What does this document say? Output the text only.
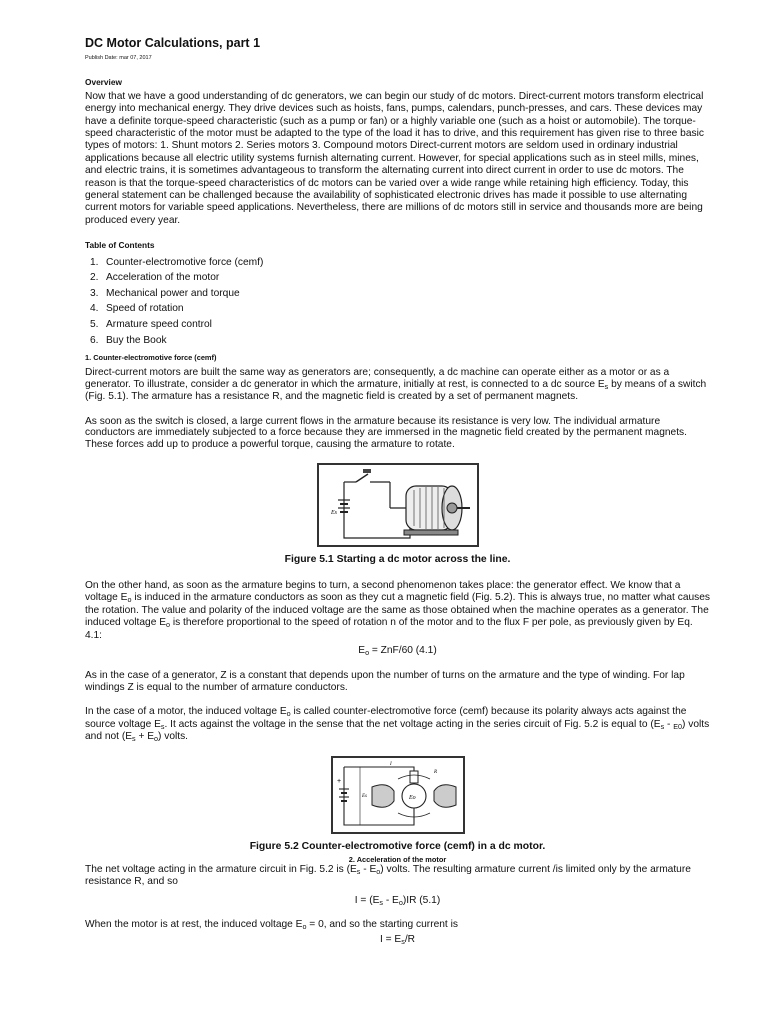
DC Motor Calculations, part 1
Publish Date: mar 07, 2017
Overview

Now that we have a good understanding of dc generators, we can begin our study of dc motors. Direct-current motors transform electrical energy into mechanical energy. They drive devices such as hoists, fans, pumps, calendars, punch-presses, and cars. These devices may have a definite torque-speed characteristic (such as a pump or fan) or a highly variable one (such as a hoist or automobile). The torque-speed characteristic of the motor must be adapted to the type of the load it has to drive, and this requirement has given rise to three basic types of motors: 1. Shunt motors 2. Series motors 3. Compound motors Direct-current motors are seldom used in ordinary industrial applications because all electric utility systems furnish alternating current. However, for special applications such as in steel mills, mines, and electric trains, it is sometimes advantageous to transform the alternating current into direct current in order to use dc motors. The reason is that the torque-speed characteristics of dc motors can be varied over a wide range while retaining high efficiency. Today, this general statement can be challenged because the availability of sophisticated electronic drives has made it possible to use alternating current motors for variable speed applications. Nevertheless, there are millions of dc motors still in service and thousands more are being produced every year.

Table of Contents
1. Counter-electromotive force (cemf)
2. Acceleration of the motor
3. Mechanical power and torque
4. Speed of rotation
5. Armature speed control
6. Buy the Book
1. Counter-electromotive force (cemf)

Direct-current motors are built the same way as generators are; consequently, a dc machine can operate either as a motor or as a generator. To illustrate, consider a dc generator in which the armature, initially at rest, is connected to a dc source $E_s$ by means of a switch (Fig. 5.1). The armature has a resistance R, and the magnetic field is created by a set of permanent magnets.

As soon as the switch is closed, a large current flows in the armature because its resistance is very low. The individual armature conductors are immediately subjected to a force because they are immersed in the magnetic field created by the permanent magnets. These forces add up to produce a powerful torque, causing the armature to rotate.

Es
Figure 5.1 Starting a dc motor across the line.

On the other hand, as soon as the armature begins to turn, a second phenomenon takes place: the generator effect. We know that a voltage $E_o$ is induced in the armature conductors as soon as they cut a magnetic field (Fig. 5.2). This is always true, no matter what causes the rotation. The value and polarity of the induced voltage are the same as those obtained when the machine operates as a generator. The induced voltage $E_o$ is therefore proportional to the speed of rotation n of the motor and to the flux F per pole, as previously given by Eq. 4.1:

$E_o = ZnF/60$ (4.1)

As in the case of a generator, Z is a constant that depends upon the number of turns on the armature and the type of winding. For lap windings Z is equal to the number of armature conductors.

In the case of a motor, the induced voltage $E_o$ is called counter-electromotive force (cemf) because its polarity always acts against the source voltage $E_s$. It acts against the voltage in the sense that the net voltage acting in the series circuit of Fig. 5.2 is equal to $(E_s - _{E0})$ volts and not $(E_s + E_o)$ volts.

+
Es
I
R
Eo
Figure 5.2 Counter-electromotive force (cemf) in a dc motor.
2. Acceleration of the motor

The net voltage acting in the armature circuit in Fig. 5.2 is $(E_s - E_o)$ volts. The resulting armature current /is limited only by the armature resistance R, and so

$I = (E_s - E_o)IR$ (5.1)

When the motor is at rest, the induced voltage $E_o = 0$, and so the starting current is

$I = E_s/R$
